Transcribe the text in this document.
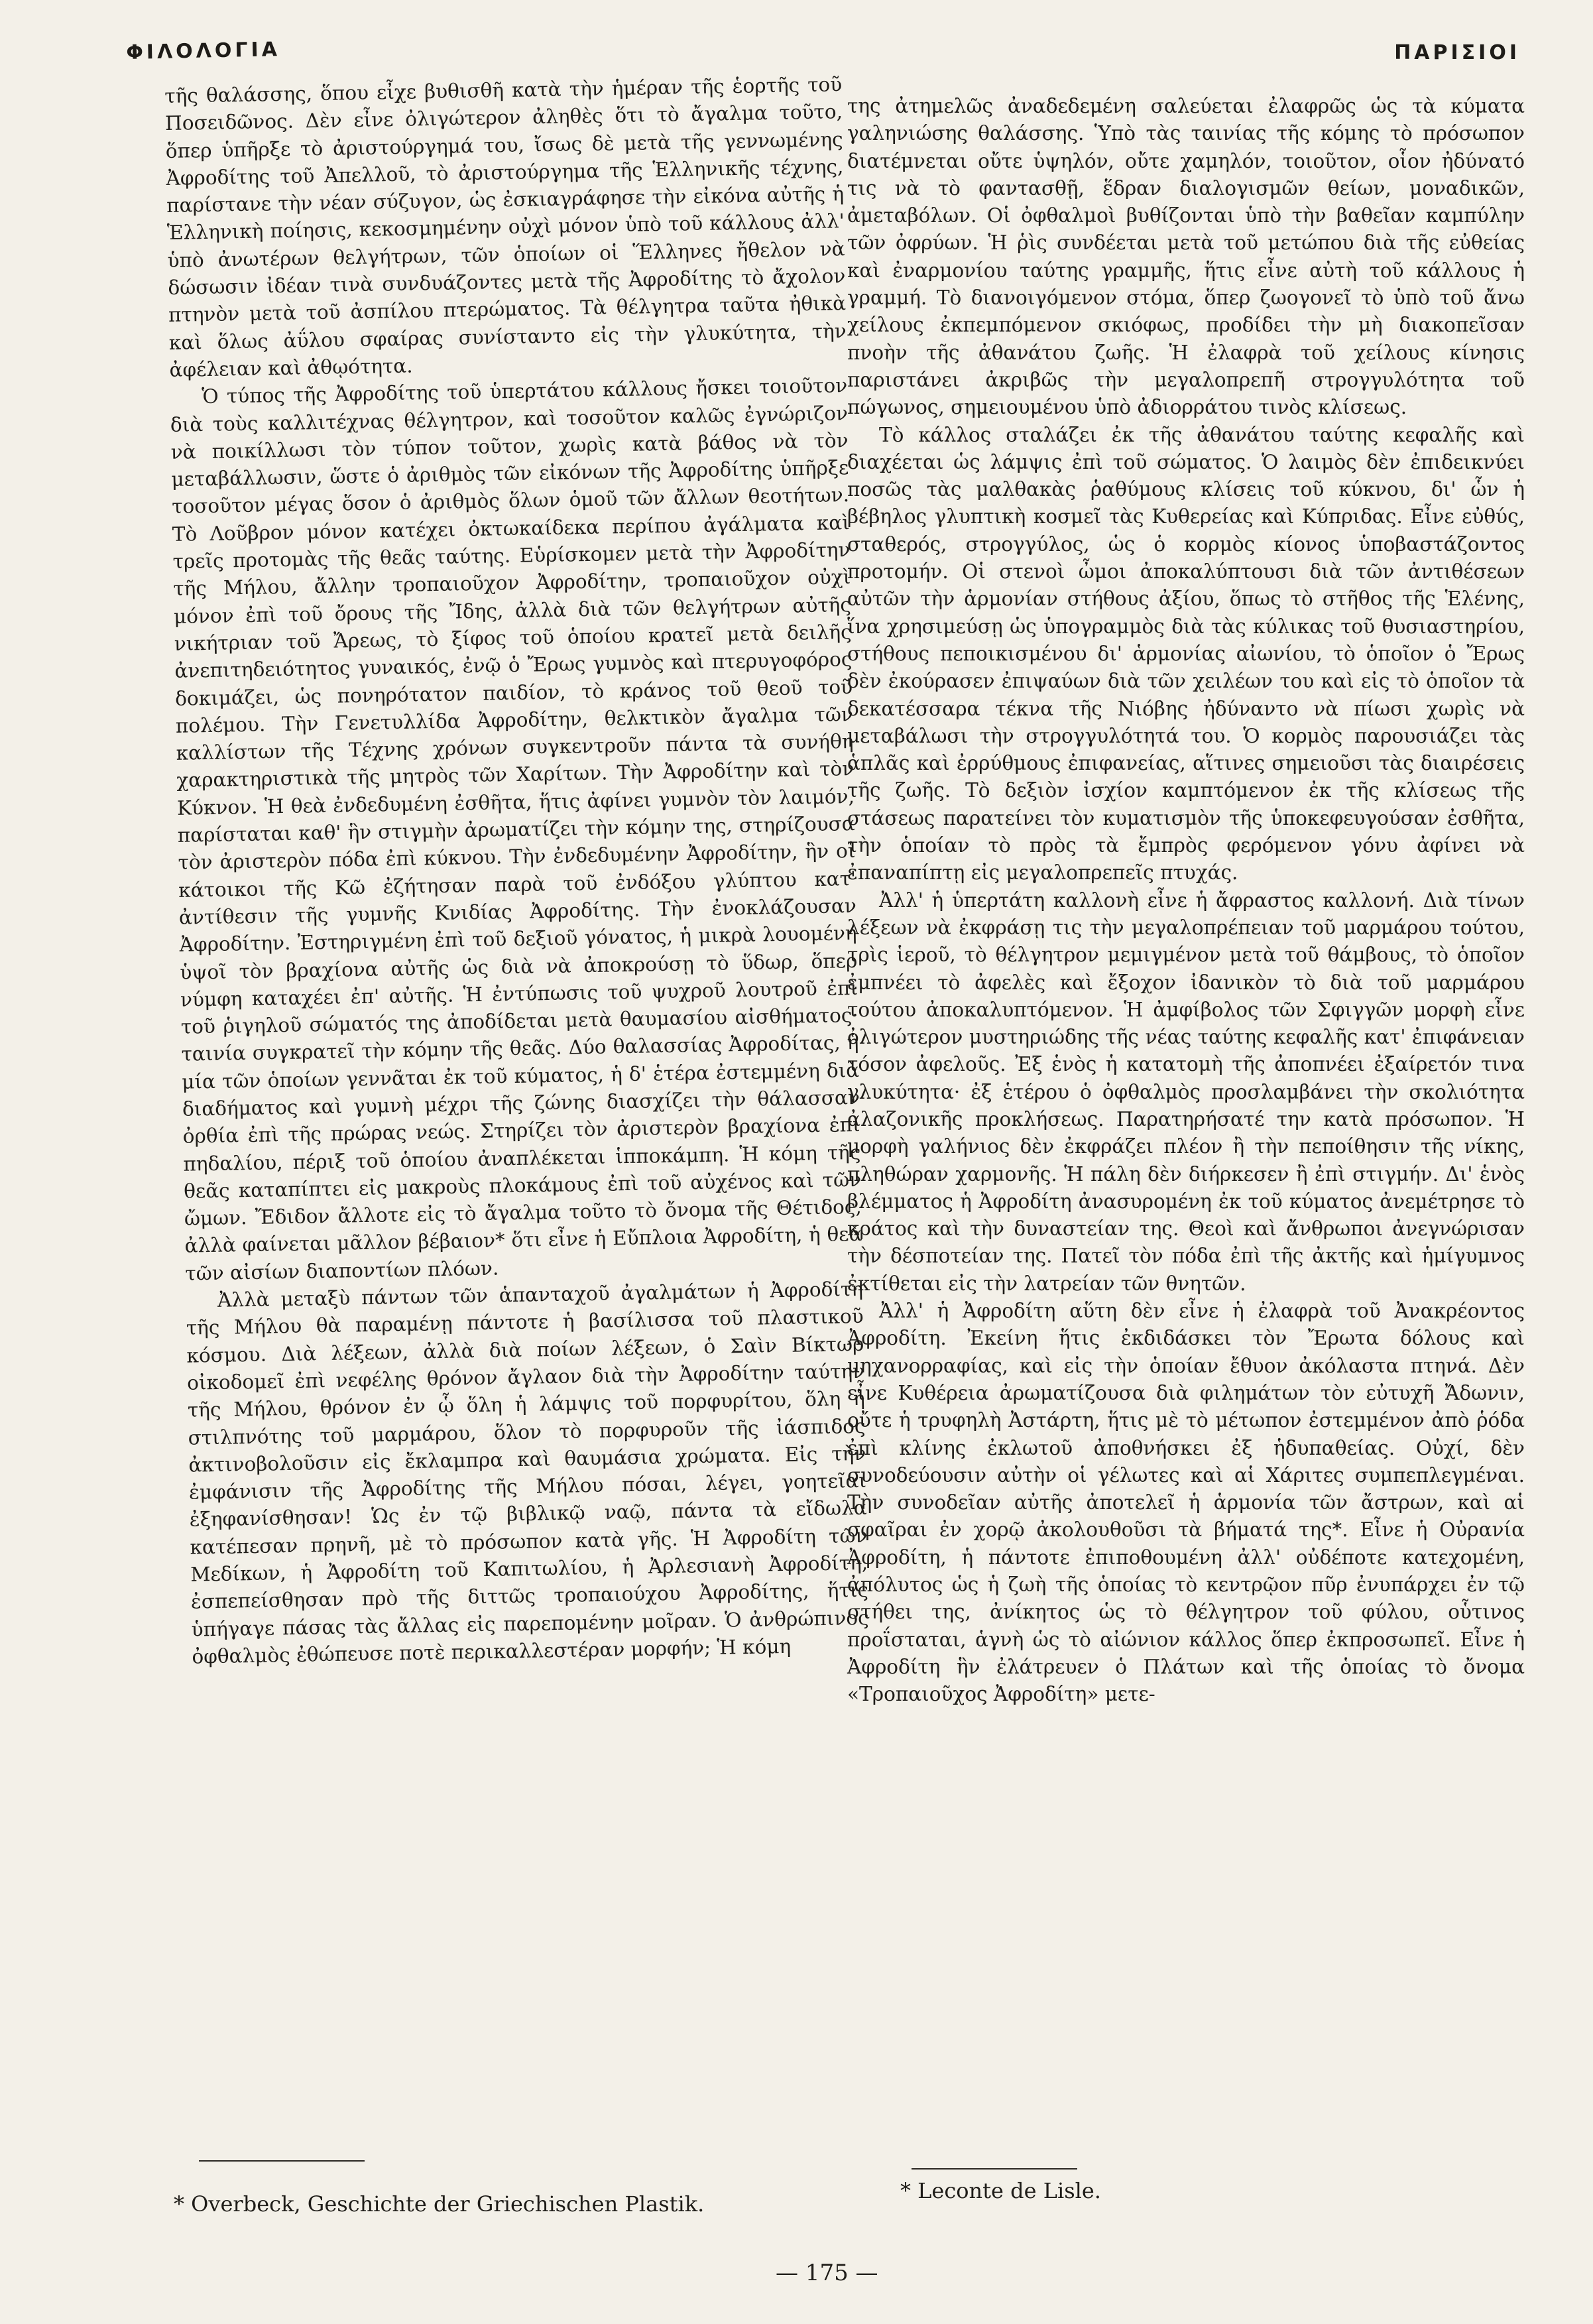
ΦΙΛΟΛΟΓΙΑ	ΠΑΡΙΣΙΟΙ

τῆς θαλάσσης, ὅπου εἶχε βυθισθῆ κατὰ τὴν ἡμέραν τῆς ἑορτῆς τοῦ Ποσειδῶνος. Δὲν εἶνε ὀλιγώτερον ἀληθὲς ὅτι τὸ ἄγαλμα τοῦτο, ὅπερ ὑπῆρξε τὸ ἀριστούργημά του, ἴσως δὲ μετὰ τῆς γεννωμένης Ἀφροδίτης τοῦ Ἀπελλοῦ, τὸ ἀριστούργημα τῆς Ἑλληνικῆς τέχνης, παρίστανε τὴν νέαν σύζυγον, ὡς ἐσκιαγράφησε τὴν εἰκόνα αὐτῆς ἡ Ἑλληνικὴ ποίησις, κεκοσμημένην οὐχὶ μόνον ὑπὸ τοῦ κάλλους ἀλλ' ὑπὸ ἀνωτέρων θελγήτρων, τῶν ὁποίων οἱ Ἕλληνες ἤθελον νὰ δώσωσιν ἰδέαν τινὰ συνδυάζοντες μετὰ τῆς Ἀφροδίτης τὸ ἄχολον πτηνὸν μετὰ τοῦ ἀσπίλου πτερώματος. Τὰ θέλγητρα ταῦτα ἠθικὰ καὶ ὅλως ἀΰλου σφαίρας συνίσταντο εἰς τὴν γλυκύτητα, τὴν ἀφέλειαν καὶ ἀθῳότητα.

Ὁ τύπος τῆς Ἀφροδίτης τοῦ ὑπερτάτου κάλλους ἤσκει τοιοῦτον διὰ τοὺς καλλιτέχνας θέλγητρον, καὶ τοσοῦτον καλῶς ἐγνώριζον νὰ ποικίλλωσι τὸν τύπον τοῦτον, χωρὶς κατὰ βάθος νὰ τὸν μεταβάλλωσιν, ὥστε ὁ ἀριθμὸς τῶν εἰκόνων τῆς Ἀφροδίτης ὑπῆρξε τοσοῦτον μέγας ὅσον ὁ ἀριθμὸς ὅλων ὁμοῦ τῶν ἄλλων θεοτήτων. Τὸ Λοῦβρον μόνον κατέχει ὀκτωκαίδεκα περίπου ἀγάλματα καὶ τρεῖς προτομὰς τῆς θεᾶς ταύτης. Εὑρίσκομεν μετὰ τὴν Ἀφροδίτην τῆς Μήλου, ἄλλην τροπαιοῦχον Ἀφροδίτην, τροπαιοῦχον οὐχὶ μόνον ἐπὶ τοῦ ὄρους τῆς Ἴδης, ἀλλὰ διὰ τῶν θελγήτρων αὐτῆς νικήτριαν τοῦ Ἄρεως, τὸ ξίφος τοῦ ὁποίου κρατεῖ μετὰ δειλῆς ἀνεπιτηδειότητος γυναικός, ἐνῷ ὁ Ἔρως γυμνὸς καὶ πτερυγοφόρος δοκιμάζει, ὡς πονηρότατον παιδίον, τὸ κράνος τοῦ θεοῦ τοῦ πολέμου. Τὴν Γενετυλλίδα Ἀφροδίτην, θελκτικὸν ἄγαλμα τῶν καλλίστων τῆς Τέχνης χρόνων συγκεντροῦν πάντα τὰ συνήθη χαρακτηριστικὰ τῆς μητρὸς τῶν Χαρίτων. Τὴν Ἀφροδίτην καὶ τὸν Κύκνον. Ἡ θεὰ ἐνδεδυμένη ἐσθῆτα, ἥτις ἀφίνει γυμνὸν τὸν λαιμόν, παρίσταται καθ' ἣν στιγμὴν ἀρωματίζει τὴν κόμην της, στηρίζουσα τὸν ἀριστερὸν πόδα ἐπὶ κύκνου. Τὴν ἐνδεδυμένην Ἀφροδίτην, ἣν οἱ κάτοικοι τῆς Κῶ ἐζήτησαν παρὰ τοῦ ἐνδόξου γλύπτου κατ' ἀντίθεσιν τῆς γυμνῆς Κνιδίας Ἀφροδίτης. Τὴν ἐνοκλάζουσαν Ἀφροδίτην. Ἐστηριγμένη ἐπὶ τοῦ δεξιοῦ γόνατος, ἡ μικρὰ λουομένη ὑψοῖ τὸν βραχίονα αὐτῆς ὡς διὰ νὰ ἀποκρούσῃ τὸ ὕδωρ, ὅπερ νύμφη καταχέει ἐπ' αὐτῆς. Ἡ ἐντύπωσις τοῦ ψυχροῦ λουτροῦ ἐπὶ τοῦ ῥιγηλοῦ σώματός της ἀποδίδεται μετὰ θαυμασίου αἰσθήματος· ταινία συγκρατεῖ τὴν κόμην τῆς θεᾶς. Δύο θαλασσίας Ἀφροδίτας, ἡ μία τῶν ὁποίων γεννᾶται ἐκ τοῦ κύματος, ἡ δ' ἑτέρα ἐστεμμένη διὰ διαδήματος καὶ γυμνὴ μέχρι τῆς ζώνης διασχίζει τὴν θάλασσαν ὀρθία ἐπὶ τῆς πρώρας νεώς. Στηρίζει τὸν ἀριστερὸν βραχίονα ἐπὶ πηδαλίου, πέριξ τοῦ ὁποίου ἀναπλέκεται ἱπποκάμπη. Ἡ κόμη τῆς θεᾶς καταπίπτει εἰς μακροὺς πλοκάμους ἐπὶ τοῦ αὐχένος καὶ τῶν ὤμων. Ἔδιδον ἄλλοτε εἰς τὸ ἄγαλμα τοῦτο τὸ ὄνομα τῆς Θέτιδος, ἀλλὰ φαίνεται μᾶλλον βέβαιον* ὅτι εἶνε ἡ Εὔπλοια Ἀφροδίτη, ἡ θεὰ τῶν αἰσίων διαποντίων πλόων.

Ἀλλὰ μεταξὺ πάντων τῶν ἁπανταχοῦ ἀγαλμάτων ἡ Ἀφροδίτη τῆς Μήλου θὰ παραμένῃ πάντοτε ἡ βασίλισσα τοῦ πλαστικοῦ κόσμου. Διὰ λέξεων, ἀλλὰ διὰ ποίων λέξεων, ὁ Σαὶν Βίκτωρ οἰκοδομεῖ ἐπὶ νεφέλης θρόνον ἄγλαον διὰ τὴν Ἀφροδίτην ταύτην τῆς Μήλου, θρόνον ἐν ᾧ ὅλη ἡ λάμψις τοῦ πορφυρίτου, ὅλη ἡ στιλπνότης τοῦ μαρμάρου, ὅλον τὸ πορφυροῦν τῆς ἰάσπιδος ἀκτινοβολοῦσιν εἰς ἔκλαμπρα καὶ θαυμάσια χρώματα. Εἰς τὴν ἐμφάνισιν τῆς Ἀφροδίτης τῆς Μήλου πόσαι, λέγει, γοητεῖαι ἐξηφανίσθησαν! Ὡς ἐν τῷ βιβλικῷ ναῷ, πάντα τὰ εἴδωλα κατέπεσαν πρηνῆ, μὲ τὸ πρόσωπον κατὰ γῆς. Ἡ Ἀφροδίτη τῶν Μεδίκων, ἡ Ἀφροδίτη τοῦ Καπιτωλίου, ἡ Ἀρλεσιανὴ Ἀφροδίτη, ἐσπεπείσθησαν πρὸ τῆς διττῶς τροπαιούχου Ἀφροδίτης, ἥτις ὑπήγαγε πάσας τὰς ἄλλας εἰς παρεπομένην μοῖραν. Ὁ ἀνθρώπινος ὀφθαλμὸς ἐθώπευσε ποτὲ περικαλλεστέραν μορφήν; Ἡ κόμη

της ἀτημελῶς ἀναδεδεμένη σαλεύεται ἐλαφρῶς ὡς τὰ κύματα γαληνιώσης θαλάσσης. Ὑπὸ τὰς ταινίας τῆς κόμης τὸ πρόσωπον διατέμνεται οὔτε ὑψηλόν, οὔτε χαμηλόν, τοιοῦτον, οἷον ἠδύνατό τις νὰ τὸ φαντασθῇ, ἕδραν διαλογισμῶν θείων, μοναδικῶν, ἀμεταβόλων. Οἱ ὀφθαλμοὶ βυθίζονται ὑπὸ τὴν βαθεῖαν καμπύλην τῶν ὀφρύων. Ἡ ῥὶς συνδέεται μετὰ τοῦ μετώπου διὰ τῆς εὐθείας καὶ ἐναρμονίου ταύτης γραμμῆς, ἥτις εἶνε αὐτὴ τοῦ κάλλους ἡ γραμμή. Τὸ διανοιγόμενον στόμα, ὅπερ ζωογονεῖ τὸ ὑπὸ τοῦ ἄνω χείλους ἐκπεμπόμενον σκιόφως, προδίδει τὴν μὴ διακοπεῖσαν πνοὴν τῆς ἀθανάτου ζωῆς. Ἡ ἐλαφρὰ τοῦ χείλους κίνησις παριστάνει ἀκριβῶς τὴν μεγαλοπρεπῆ στρογγυλότητα τοῦ πώγωνος, σημειουμένου ὑπὸ ἀδιορράτου τινὸς κλίσεως.

Τὸ κάλλος σταλάζει ἐκ τῆς ἀθανάτου ταύτης κεφαλῆς καὶ διαχέεται ὡς λάμψις ἐπὶ τοῦ σώματος. Ὁ λαιμὸς δὲν ἐπιδεικνύει ποσῶς τὰς μαλθακὰς ῥαθύμους κλίσεις τοῦ κύκνου, δι' ὧν ἡ βέβηλος γλυπτικὴ κοσμεῖ τὰς Κυθερείας καὶ Κύπριδας. Εἶνε εὐθύς, σταθερός, στρογγύλος, ὡς ὁ κορμὸς κίονος ὑποβαστάζοντος προτομήν. Οἱ στενοὶ ὦμοι ἀποκαλύπτουσι διὰ τῶν ἀντιθέσεων αὐτῶν τὴν ἁρμονίαν στήθους ἀξίου, ὅπως τὸ στῆθος τῆς Ἑλένης, ἵνα χρησιμεύσῃ ὡς ὑπογραμμὸς διὰ τὰς κύλικας τοῦ θυσιαστηρίου, στήθους πεποικισμένου δι' ἁρμονίας αἰωνίου, τὸ ὁποῖον ὁ Ἔρως δὲν ἐκούρασεν ἐπιψαύων διὰ τῶν χειλέων του καὶ εἰς τὸ ὁποῖον τὰ δεκατέσσαρα τέκνα τῆς Νιόβης ἠδύναντο νὰ πίωσι χωρὶς νὰ μεταβάλωσι τὴν στρογγυλότητά του. Ὁ κορμὸς παρουσιάζει τὰς ἁπλᾶς καὶ ἐρρύθμους ἐπιφανείας, αἵτινες σημειοῦσι τὰς διαιρέσεις τῆς ζωῆς. Τὸ δεξιὸν ἰσχίον καμπτόμενον ἐκ τῆς κλίσεως τῆς στάσεως παρατείνει τὸν κυματισμὸν τῆς ὑποκεφευγούσαν ἐσθῆτα, τὴν ὁποίαν τὸ πρὸς τὰ ἔμπρὸς φερόμενον γόνυ ἀφίνει νὰ ἐπαναπίπτῃ εἰς μεγαλοπρεπεῖς πτυχάς.

Ἀλλ' ἡ ὑπερτάτη καλλονὴ εἶνε ἡ ἄφραστος καλλονή. Διὰ τίνων λέξεων νὰ ἐκφράσῃ τις τὴν μεγαλοπρέπειαν τοῦ μαρμάρου τούτου, τρὶς ἱεροῦ, τὸ θέλγητρον μεμιγμένον μετὰ τοῦ θάμβους, τὸ ὁποῖον ἐμπνέει τὸ ἀφελὲς καὶ ἔξοχον ἰδανικὸν τὸ διὰ τοῦ μαρμάρου τούτου ἀποκαλυπτόμενον. Ἡ ἀμφίβολος τῶν Σφιγγῶν μορφὴ εἶνε ὀλιγώτερον μυστηριώδης τῆς νέας ταύτης κεφαλῆς κατ' ἐπιφάνειαν τόσον ἀφελοῦς. Ἐξ ἑνὸς ἡ κατατομὴ τῆς ἀποπνέει ἐξαίρετόν τινα γλυκύτητα· ἐξ ἑτέρου ὁ ὀφθαλμὸς προσλαμβάνει τὴν σκολιότητα ἀλαζονικῆς προκλήσεως. Παρατηρήσατέ την κατὰ πρόσωπον. Ἡ μορφὴ γαλήνιος δὲν ἐκφράζει πλέον ἢ τὴν πεποίθησιν τῆς νίκης, πληθώραν χαρμονῆς. Ἡ πάλη δὲν διήρκεσεν ἢ ἐπὶ στιγμήν. Δι' ἑνὸς βλέμματος ἡ Ἀφροδίτη ἀνασυρομένη ἐκ τοῦ κύματος ἀνεμέτρησε τὸ κράτος καὶ τὴν δυναστείαν της. Θεοὶ καὶ ἄνθρωποι ἀνεγνώρισαν τὴν δέσποτείαν της. Πατεῖ τὸν πόδα ἐπὶ τῆς ἀκτῆς καὶ ἡμίγυμνος ἐκτίθεται εἰς τὴν λατρείαν τῶν θνητῶν.

Ἀλλ' ἡ Ἀφροδίτη αὕτη δὲν εἶνε ἡ ἐλαφρὰ τοῦ Ἀνακρέοντος Ἀφροδίτη. Ἐκείνη ἥτις ἐκδιδάσκει τὸν Ἔρωτα δόλους καὶ μηχανορραφίας, καὶ εἰς τὴν ὁποίαν ἔθυον ἀκόλαστα πτηνά. Δὲν εἶνε Κυθέρεια ἀρωματίζουσα διὰ φιλημάτων τὸν εὐτυχῆ Ἄδωνιν, οὔτε ἡ τρυφηλὴ Ἀστάρτη, ἥτις μὲ τὸ μέτωπον ἐστεμμένον ἀπὸ ῥόδα ἐπὶ κλίνης ἐκλωτοῦ ἀποθνήσκει ἐξ ἡδυπαθείας. Οὐχί, δὲν συνοδεύουσιν αὐτὴν οἱ γέλωτες καὶ αἱ Χάριτες συμπεπλεγμέναι. Τὴν συνοδεῖαν αὐτῆς ἀποτελεῖ ἡ ἁρμονία τῶν ἄστρων, καὶ αἱ σφαῖραι ἐν χορῷ ἀκολουθοῦσι τὰ βήματά της*. Εἶνε ἡ Οὐρανία Ἀφροδίτη, ἡ πάντοτε ἐπιποθουμένη ἀλλ' οὐδέποτε κατεχομένη, ἀπόλυτος ὡς ἡ ζωὴ τῆς ὁποίας τὸ κεντρῷον πῦρ ἐνυπάρχει ἐν τῷ στήθει της, ἀνίκητος ὡς τὸ θέλγητρον τοῦ φύλου, οὗτινος προΐσταται, ἁγνὴ ὡς τὸ αἰώνιον κάλλος ὅπερ ἐκπροσωπεῖ. Εἶνε ἡ Ἀφροδίτη ἣν ἐλάτρευεν ὁ Πλάτων καὶ τῆς ὁποίας τὸ ὄνομα «Τροπαιοῦχος Ἀφροδίτη» μετε-

* Overbeck, Geschichte der Griechischen Plastik.
* Leconte de Lisle.
— 175 —
